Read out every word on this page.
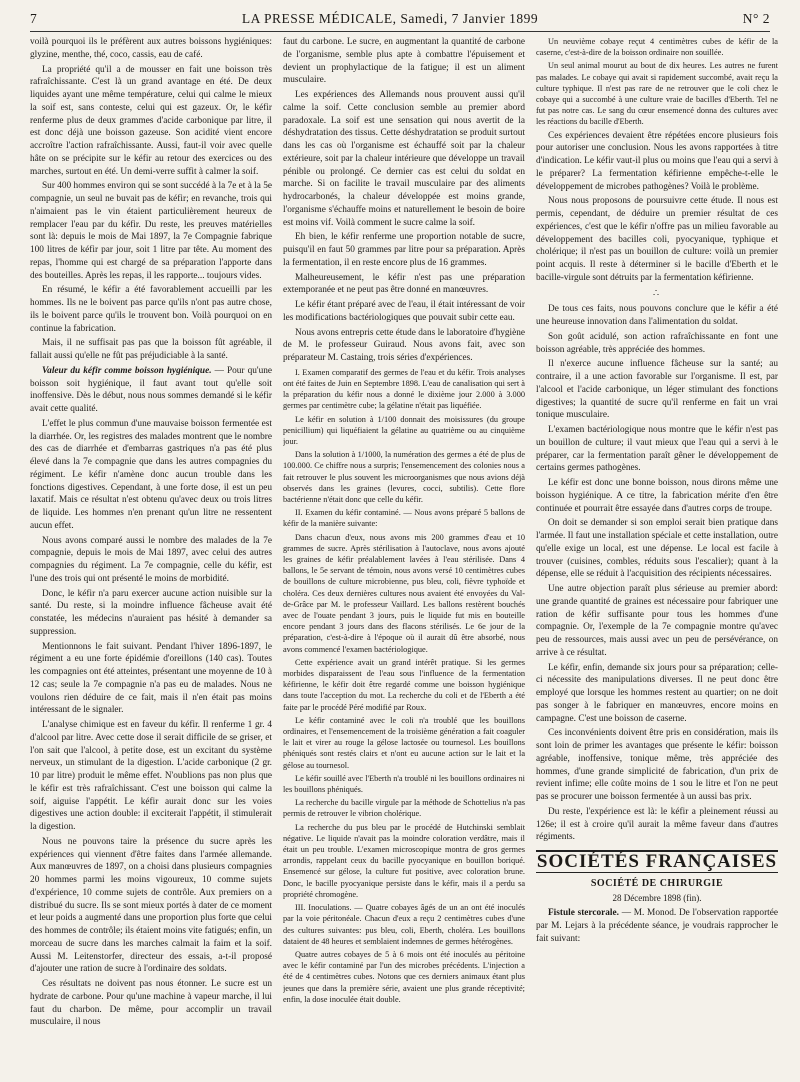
7	LA PRESSE MÉDICALE, Samedi, 7 Janvier 1899	N° 2

voilà pourquoi ils le préfèrent aux autres boissons hygiéniques: glyzine, menthe, thé, coco, cassis, eau de café.

La propriété qu'il a de mousser en fait une boisson très rafraîchissante. C'est là un grand avantage en été. De deux liquides ayant une même température, celui qui calme le mieux la soif est, sans conteste, celui qui est gazeux. Or, le kéfir renferme plus de deux grammes d'acide carbonique par litre, il est donc déjà une boisson gazeuse. Son acidité vient encore accroître l'action rafraîchissante. Aussi, faut-il voir avec quelle hâte on se précipite sur le kéfir au retour des exercices ou des marches, surtout en été. Un demi-verre suffit à calmer la soif.

Sur 400 hommes environ qui se sont succédé à la 7e et à la 5e compagnie, un seul ne buvait pas de kéfir; en revanche, trois qui n'aimaient pas le vin étaient particulièrement heureux de remplacer l'eau par du kéfir. Du reste, les preuves matérielles sont là: depuis le mois de Mai 1897, la 7e Compagnie fabrique 100 litres de kéfir par jour, soit 1 litre par tête. Au moment des repas, l'homme qui est chargé de sa préparation l'apporte dans des bouteilles. Après les repas, il les rapporte... toujours vides.

En résumé, le kéfir a été favorablement accueilli par les hommes. Ils ne le boivent pas parce qu'ils n'ont pas autre chose, ils le boivent parce qu'ils le trouvent bon. Voilà pourquoi on en continue la fabrication.

Mais, il ne suffisait pas pas que la boisson fût agréable, il fallait aussi qu'elle ne fût pas préjudiciable à la santé.

Valeur du kéfir comme boisson hygiénique. — Pour qu'une boisson soit hygiénique, il faut avant tout qu'elle soit inoffensive. Dès le début, nous nous sommes demandé si le kéfir avait cette qualité.

L'effet le plus commun d'une mauvaise boisson fermentée est la diarrhée. Or, les registres des malades montrent que le nombre des cas de diarrhée et d'embarras gastriques n'a pas été plus élevé dans la 7e compagnie que dans les autres compagnies du régiment. Le kéfir n'amène donc aucun trouble dans les fonctions digestives. Cependant, à une forte dose, il est un peu laxatif. Mais ce résultat n'est obtenu qu'avec deux ou trois litres de liquide. Les hommes n'en prenant qu'un litre ne ressentent aucun effet.

Nous avons comparé aussi le nombre des malades de la 7e compagnie, depuis le mois de Mai 1897, avec celui des autres compagnies du régiment. La 7e compagnie, celle du kéfir, est l'une des trois qui ont présenté le moins de morbidité.

Donc, le kéfir n'a paru exercer aucune action nuisible sur la santé. Du reste, si la moindre influence fâcheuse avait été constatée, les médecins n'auraient pas hésité à demander sa suppression.

Mentionnons le fait suivant. Pendant l'hiver 1896-1897, le régiment a eu une forte épidémie d'oreillons (140 cas). Toutes les compagnies ont été atteintes, présentant une moyenne de 10 à 12 cas; seule la 7e compagnie n'a pas eu de malades. Nous ne voulons rien déduire de ce fait, mais il n'en était pas moins intéressant de le signaler.

L'analyse chimique est en faveur du kéfir. Il renferme 1 gr. 4 d'alcool par litre. Avec cette dose il serait difficile de se griser, et l'on sait que l'alcool, à petite dose, est un excitant du système nerveux, un stimulant de la digestion. L'acide carbonique (2 gr. 10 par litre) produit le même effet. N'oublions pas non plus que le kéfir est très rafraîchissant. C'est une boisson qui calme la soif, aiguise l'appétit. Le kéfir aurait donc sur les voies digestives une action double: il exciterait l'appétit, il stimulerait la digestion.

Nous ne pouvons taire la présence du sucre après les expériences qui viennent d'être faites dans l'armée allemande. Aux manœuvres de 1897, on a choisi dans plusieurs compagnies 20 hommes parmi les moins vigoureux, 10 comme sujets d'expérience, 10 comme sujets de contrôle. Aux premiers on a distribué du sucre. Ils se sont mieux portés à dater de ce moment et leur poids a augmenté dans une proportion plus forte que celui des hommes de contrôle; ils étaient moins vite fatigués; enfin, un morceau de sucre dans les marches calmait la faim et la soif. Aussi M. Leitenstorfer, directeur des essais, a-t-il proposé d'ajouter une ration de sucre à l'ordinaire des soldats.

Ces résultats ne doivent pas nous étonner. Le sucre est un hydrate de carbone. Pour qu'une machine à vapeur marche, il lui faut du charbon. De même, pour accomplir un travail musculaire, il nous

faut du carbone. Le sucre, en augmentant la quantité de carbone de l'organisme, semble plus apte à combattre l'épuisement et devient un prophylactique de la fatigue; il est un aliment musculaire.

Les expériences des Allemands nous prouvent aussi qu'il calme la soif. Cette conclusion semble au premier abord paradoxale. La soif est une sensation qui nous avertit de la déshydratation des tissus. Cette déshydratation se produit surtout dans les cas où l'organisme est échauffé soit par la chaleur extérieure, soit par la chaleur intérieure que développe un travail pénible ou prolongé. Ce dernier cas est celui du soldat en marche. Si on facilite le travail musculaire par des aliments hydrocarbonés, la chaleur développée est moins grande, l'organisme s'échauffe moins et naturellement le besoin de boire est moins vif. Voilà comment le sucre calme la soif.

Eh bien, le kéfir renferme une proportion notable de sucre, puisqu'il en faut 50 grammes par litre pour sa préparation. Après la fermentation, il en reste encore plus de 16 grammes.

Malheureusement, le kéfir n'est pas une préparation extemporanée et ne peut pas être donné en manœuvres.

Le kéfir étant préparé avec de l'eau, il était intéressant de voir les modifications bactériologiques que pouvait subir cette eau.

Nous avons entrepris cette étude dans le laboratoire d'hygiène de M. le professeur Guiraud. Nous avons fait, avec son préparateur M. Castaing, trois séries d'expériences.

I. Examen comparatif des germes de l'eau et du kéfir. Trois analyses ont été faites de Juin en Septembre 1898. L'eau de canalisation qui sert à la préparation du kéfir nous a donné le dixième jour 2.000 à 3.000 germes par centimètre cube; la gélatine n'était pas liquéfiée.

Le kéfir en solution à 1/100 donnait des moisissures (du groupe penicillium) qui liquéfiaient la gélatine au quatrième ou au cinquième jour.

Dans la solution à 1/1000, la numération des germes a été de plus de 100.000. Ce chiffre nous a surpris; l'ensemencement des colonies nous a fait retrouver le plus souvent les microorganismes que nous avions déjà observés dans les graines (levures, cocci, subtilis). Cette flore bactérienne n'était donc que celle du kéfir.

II. Examen du kéfir contaminé. — Nous avons préparé 5 ballons de kéfir de la manière suivante:

Dans chacun d'eux, nous avons mis 200 grammes d'eau et 10 grammes de sucre. Après stérilisation à l'autoclave, nous avons ajouté les graines de kéfir préalablement lavées à l'eau stérilisée. Dans 4 ballons, le 5e servant de témoin, nous avons versé 10 centimètres cubes de bouillons de culture microbienne, pus bleu, coli, fièvre typhoïde et choléra. Ces deux dernières cultures nous avaient été envoyées du Val-de-Grâce par M. le professeur Vaillard. Les ballons restèrent bouchés avec de l'ouate pendant 3 jours, puis le liquide fut mis en bouteille encore pendant 3 jours dans des flacons stérilisés. Le 6e jour de la préparation, c'est-à-dire à l'époque où il aurait dû être absorbé, nous avons commencé l'examen bactériologique.

Cette expérience avait un grand intérêt pratique. Si les germes morbides disparaissent de l'eau sous l'influence de la fermentation kéfirienne, le kéfir doit être regardé comme une boisson hygiénique dans toute l'acception du mot. La recherche du coli et de l'Eberth a été faite par le procédé Péré modifié par Roux.

Le kéfir contaminé avec le coli n'a troublé que les bouillons ordinaires, et l'ensemencement de la troisième génération a fait coaguler le lait et virer au rouge la gélose lactosée ou tournesol. Les bouillons phéniqués sont restés clairs et n'ont eu aucune action sur le lait et la gélose au tournesol.

Le kéfir souillé avec l'Eberth n'a troublé ni les bouillons ordinaires ni les bouillons phéniqués.

La recherche du bacille virgule par la méthode de Schottelius n'a pas permis de retrouver le vibrion cholérique.

La recherche du pus bleu par le procédé de Hutchinski semblait négative. Le liquide n'avait pas la moindre coloration verdâtre, mais il était un peu trouble. L'examen microscopique montra de gros germes arrondis, rappelant ceux du bacille pyocyanique en bouillon boriqué. Ensemencé sur gélose, la culture fut positive, avec coloration brune. Donc, le bacille pyocyanique persiste dans le kéfir, mais il a perdu sa propriété chromogène.

III. Inoculations. — Quatre cobayes âgés de un an ont été inoculés par la voie péritonéale. Chacun d'eux a reçu 2 centimètres cubes d'une des cultures suivantes: pus bleu, coli, Eberth, choléra. Les bouillons dataient de 48 heures et semblaient indemnes de germes hétérogènes.

Quatre autres cobayes de 5 à 6 mois ont été inoculés au péritoine avec le kéfir contaminé par l'un des microbes précédents. L'injection a été de 4 centimètres cubes. Notons que ces derniers animaux étant plus jeunes que dans la première série, avaient une plus grande réceptivité; enfin, la dose inoculée était double.

Un neuvième cobaye reçut 4 centimètres cubes de kéfir de la caserne, c'est-à-dire de la boisson ordinaire non souillée.

Un seul animal mourut au bout de dix heures. Les autres ne furent pas malades. Le cobaye qui avait si rapidement succombé, avait reçu la culture typhique. Il n'est pas rare de ne retrouver que le coli chez le cobaye qui a succombé à une culture vraie de bacilles d'Eberth. Tel ne fut pas notre cas. Le sang du cœur ensemencé donna des cultures avec les réactions du bacille d'Eberth.

Ces expériences devaient être répétées encore plusieurs fois pour autoriser une conclusion. Nous les avons rapportées à titre d'indication. Le kéfir vaut-il plus ou moins que l'eau qui a servi à le préparer? La fermentation kéfirienne empêche-t-elle le développement de microbes pathogènes? Voilà le problème.

Nous nous proposons de poursuivre cette étude. Il nous est permis, cependant, de déduire un premier résultat de ces expériences, c'est que le kéfir n'offre pas un milieu favorable au développement des bacilles coli, pyocyanique, typhique et cholérique; il n'est pas un bouillon de culture: voilà un premier point acquis. Il reste à déterminer si le bacille d'Eberth et le bacille-virgule sont détruits par la fermentation kéfirienne.

∴

De tous ces faits, nous pouvons conclure que le kéfir a été une heureuse innovation dans l'alimentation du soldat.

Son goût acidulé, son action rafraîchissante en font une boisson agréable, très appréciée des hommes.

Il n'exerce aucune influence fâcheuse sur la santé; au contraire, il a une action favorable sur l'organisme. Il est, par l'alcool et l'acide carbonique, un léger stimulant des fonctions digestives; la quantité de sucre qu'il renferme en fait un vrai tonique musculaire.

L'examen bactériologique nous montre que le kéfir n'est pas un bouillon de culture; il vaut mieux que l'eau qui a servi à le préparer, car la fermentation paraît gêner le développement de certains germes pathogènes.

Le kéfir est donc une bonne boisson, nous dirons même une boisson hygiénique. A ce titre, la fabrication mérite d'en être continuée et pourrait être essayée dans d'autres corps de troupe.

On doit se demander si son emploi serait bien pratique dans l'armée. Il faut une installation spéciale et cette installation, outre qu'elle exige un local, est une dépense. Le local est facile à trouver (cuisines, combles, réduits sous l'escalier); quant à la dépense, elle se réduit à l'acquisition des récipients nécessaires.

Une autre objection paraît plus sérieuse au premier abord: une grande quantité de graines est nécessaire pour fabriquer une ration de kéfir suffisante pour tous les hommes d'une compagnie. Or, l'exemple de la 7e compagnie montre qu'avec peu de ressources, mais aussi avec un peu de persévérance, on arrive à ce résultat.

Le kéfir, enfin, demande six jours pour sa préparation; celle-ci nécessite des manipulations diverses. Il ne peut donc être employé que lorsque les hommes restent au quartier; on ne doit pas songer à le fabriquer en manœuvres, encore moins en campagne. C'est une boisson de caserne.

Ces inconvénients doivent être pris en considération, mais ils sont loin de primer les avantages que présente le kéfir: boisson agréable, inoffensive, tonique même, très appréciée des hommes, d'une grande simplicité de fabrication, d'un prix de revient infime; elle coûte moins de 1 sou le litre et l'on ne peut pas se procurer une boisson fermentée à un aussi bas prix.

Du reste, l'expérience est là: le kéfir a pleinement réussi au 126e; il est à croire qu'il aurait la même faveur dans d'autres régiments.

SOCIÉTÉS FRANÇAISES
SOCIÉTÉ DE CHIRURGIE
28 Décembre 1898 (fin).

Fistule stercorale. — M. Monod. De l'observation rapportée par M. Lejars à la précédente séance, je voudrais rapprocher le fait suivant:
